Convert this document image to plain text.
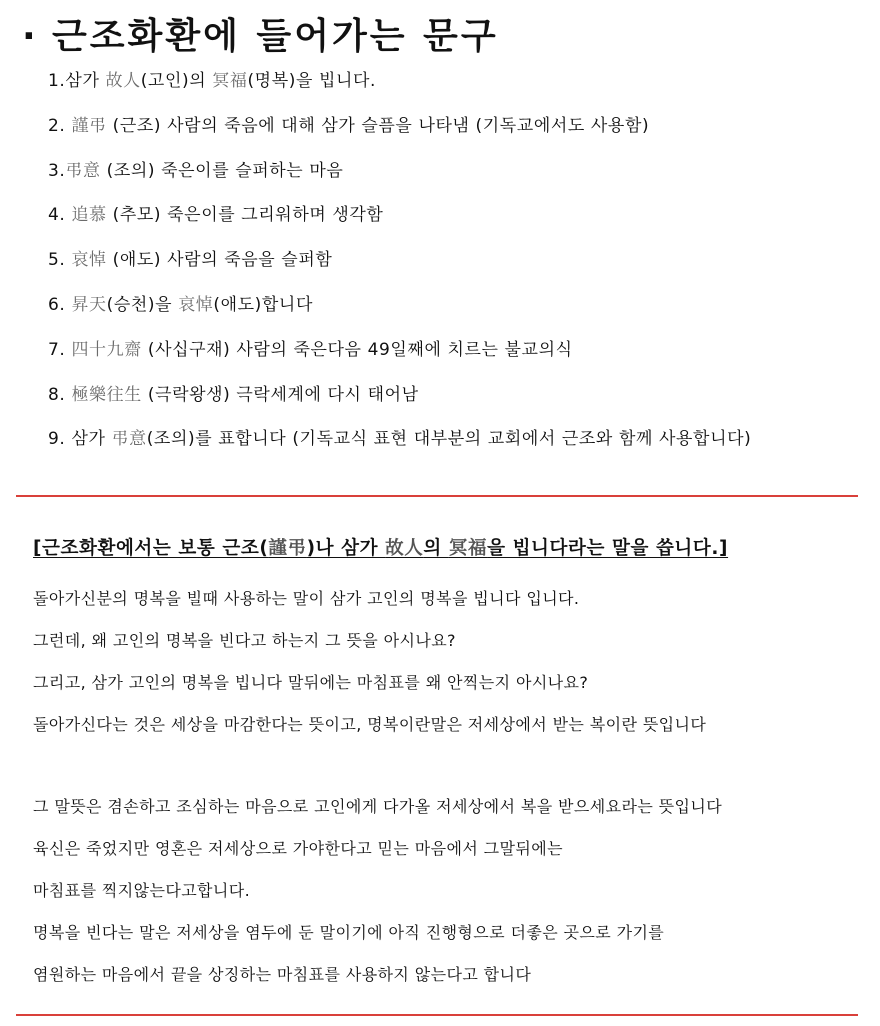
· 근조화환에 들어가는 문구
1.삼가 故人(고인)의 冥福(명복)을 빕니다.
2. 謹弔 (근조) 사람의 죽음에 대해 삼가 슬픔을 나타냄 (기독교에서도 사용함)
3.弔意 (조의) 죽은이를 슬퍼하는 마음
4. 追慕 (추모) 죽은이를 그리워하며 생각함
5. 哀悼 (애도) 사람의 죽음을 슬퍼함
6. 昇天(승천)을 哀悼(애도)합니다
7. 四十九齋 (사십구재) 사람의 죽은다음 49일째에 치르는 불교의식
8. 極樂往生 (극락왕생) 극락세계에 다시 태어남
9. 삼가 弔意(조의)를 표합니다 (기독교식 표현 대부분의 교회에서 근조와 함께 사용합니다)
[근조화환에서는 보통 근조(謹弔)나 삼가 故人의 冥福을 빕니다라는 말을 씁니다.]
돌아가신분의 명복을 빌때 사용하는 말이 삼가 고인의 명복을 빕니다 입니다.
그런데, 왜 고인의 명복을 빈다고 하는지 그 뜻을 아시나요?
그리고, 삼가 고인의 명복을 빕니다 말뒤에는 마침표를 왜 안찍는지 아시나요?
돌아가신다는 것은 세상을 마감한다는 뜻이고, 명복이란말은 저세상에서 받는 복이란 뜻입니다
그 말뜻은 겸손하고 조심하는 마음으로 고인에게 다가올 저세상에서 복을 받으세요라는 뜻입니다
육신은 죽었지만 영혼은 저세상으로 가야한다고 믿는 마음에서 그말뒤에는
마침표를 찍지않는다고합니다.
명복을 빈다는 말은 저세상을 염두에 둔 말이기에 아직 진행형으로 더좋은 곳으로 가기를
염원하는 마음에서 끝을 상징하는 마침표를 사용하지 않는다고 합니다
